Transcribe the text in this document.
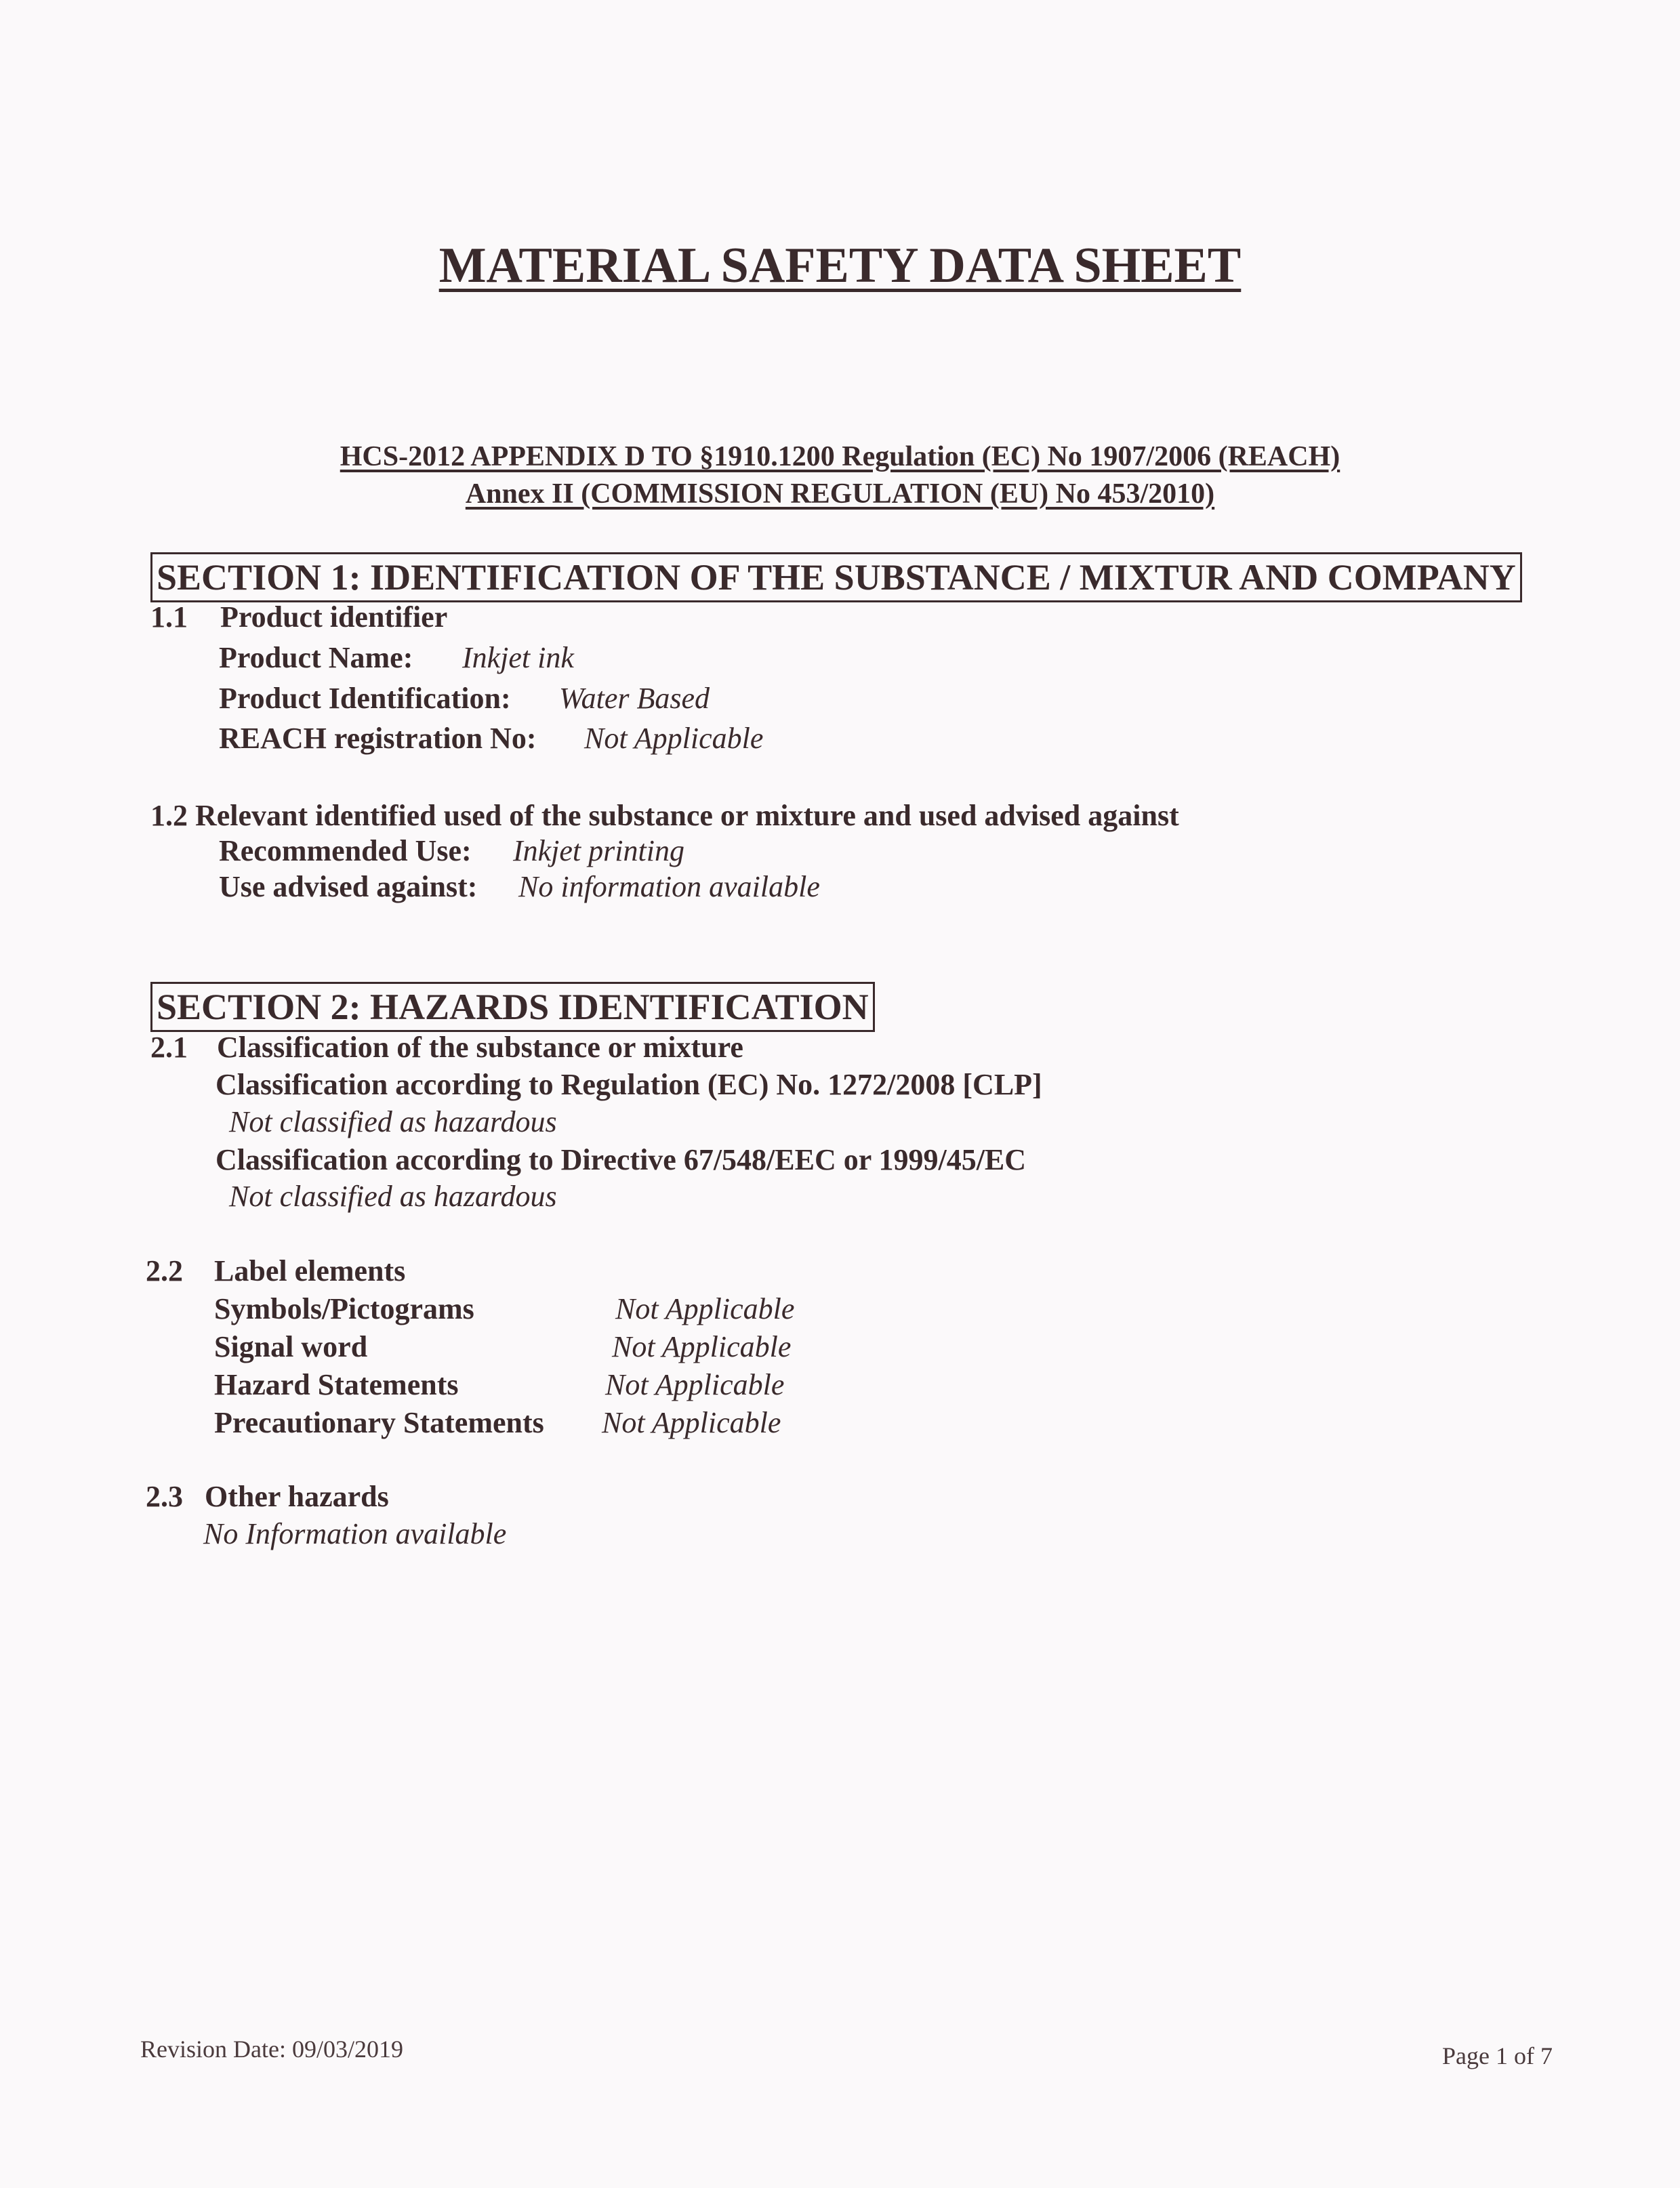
MATERIAL SAFETY DATA SHEET
HCS-2012 APPENDIX D TO §1910.1200 Regulation (EC) No 1907/2006 (REACH)
Annex II (COMMISSION REGULATION (EU) No 453/2010)
SECTION 1: IDENTIFICATION OF THE SUBSTANCE / MIXTUR AND COMPANY
1.1 Product identifier
Product Name: Inkjet ink
Product Identification: Water Based
REACH registration No: Not Applicable
1.2 Relevant identified used of the substance or mixture and used advised against
Recommended Use: Inkjet printing
Use advised against: No information available
SECTION 2: HAZARDS IDENTIFICATION
2.1 Classification of the substance or mixture
Classification according to Regulation (EC) No. 1272/2008 [CLP]
Not classified as hazardous
Classification according to Directive 67/548/EEC or 1999/45/EC
Not classified as hazardous
2.2 Label elements
Symbols/Pictograms	Not Applicable
Signal word	Not Applicable
Hazard Statements	Not Applicable
Precautionary Statements Not Applicable
2.3 Other hazards
No Information available
Revision Date: 09/03/2019	Page 1 of 7
